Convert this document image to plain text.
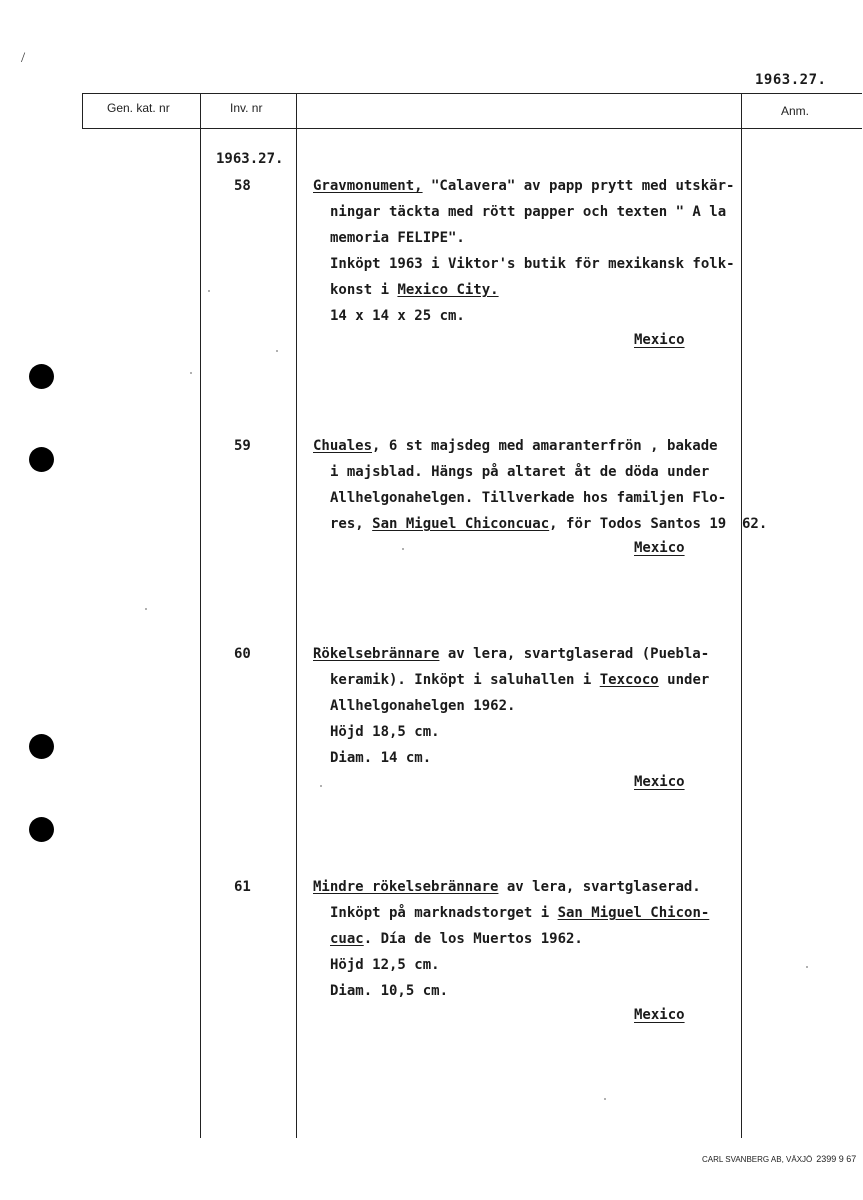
/
1963.27.
Gen. kat. nr	Inv. nr	Anm.
1963.27.
58	Gravmonument, "Calavera" av papp prytt med utskär-
ningar täckta med rött papper och texten " A la
memoria FELIPE".
Inköpt 1963 i Viktor's butik för mexikansk folk-
konst i Mexico City.
14 x 14 x 25 cm.
Mexico
59	Chuales, 6 st majsdeg med amaranterfrön , bakade
i majsblad. Hängs på altaret åt de döda under
Allhelgonahelgen. Tillverkade hos familjen Flo-
res, San Miguel Chiconcuac, för Todos Santos 19 62.
Mexico
60	Rökelsebrännare av lera, svartglaserad (Puebla-
keramik). Inköpt i saluhallen i Texcoco under
Allhelgonahelgen 1962.
Höjd 18,5 cm.
Diam. 14 cm.
Mexico
61	Mindre rökelsebrännare av lera, svartglaserad.
Inköpt på marknadstorget i San Miguel Chicon-
cuac. Día de los Muertos 1962.
Höjd 12,5 cm.
Diam. 10,5 cm.
Mexico
CARL SVANBERG AB, VÄXJÖ 2399 9 67
